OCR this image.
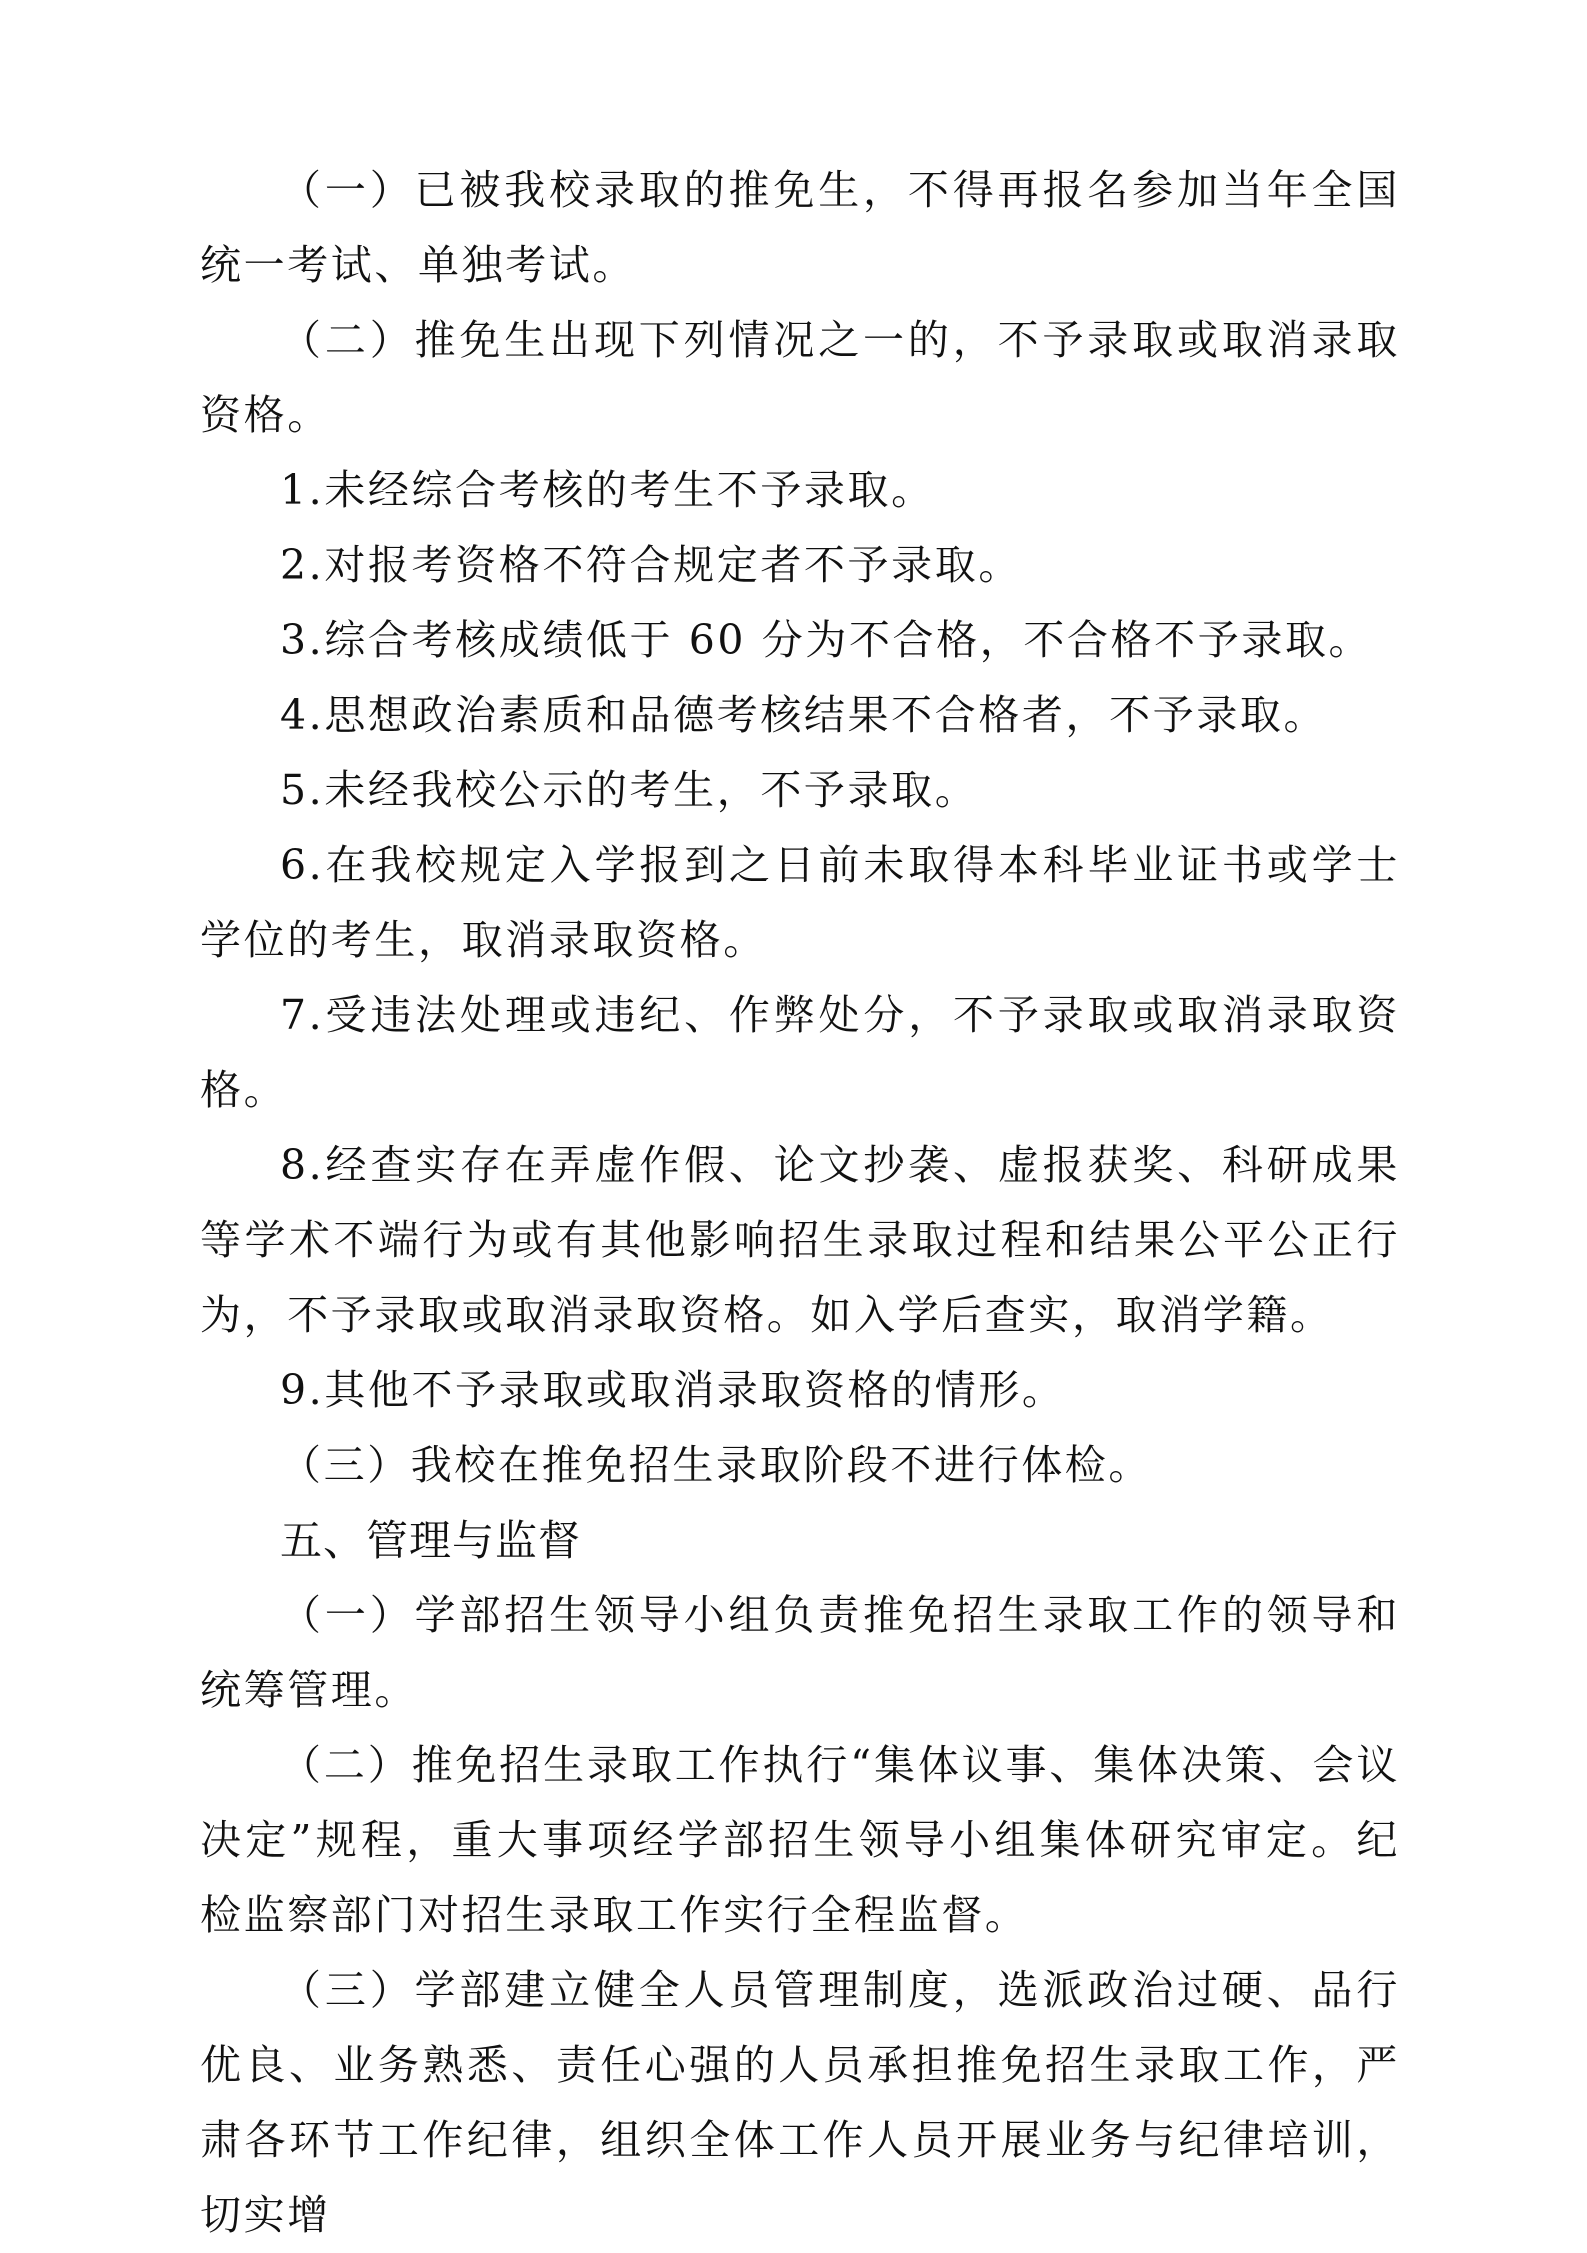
（一）已被我校录取的推免生，不得再报名参加当年全国统一考试、单独考试。

（二）推免生出现下列情况之一的，不予录取或取消录取资格。

1.未经综合考核的考生不予录取。

2.对报考资格不符合规定者不予录取。

3.综合考核成绩低于 60 分为不合格，不合格不予录取。

4.思想政治素质和品德考核结果不合格者，不予录取。

5.未经我校公示的考生，不予录取。

6.在我校规定入学报到之日前未取得本科毕业证书或学士学位的考生，取消录取资格。

7.受违法处理或违纪、作弊处分，不予录取或取消录取资格。

8.经查实存在弄虚作假、论文抄袭、虚报获奖、科研成果等学术不端行为或有其他影响招生录取过程和结果公平公正行为，不予录取或取消录取资格。如入学后查实，取消学籍。

9.其他不予录取或取消录取资格的情形。

（三）我校在推免招生录取阶段不进行体检。

五、管理与监督

（一）学部招生领导小组负责推免招生录取工作的领导和统筹管理。

（二）推免招生录取工作执行“集体议事、集体决策、会议决定”规程，重大事项经学部招生领导小组集体研究审定。纪检监察部门对招生录取工作实行全程监督。

（三）学部建立健全人员管理制度，选派政治过硬、品行优良、业务熟悉、责任心强的人员承担推免招生录取工作，严肃各环节工作纪律，组织全体工作人员开展业务与纪律培训，切实增
